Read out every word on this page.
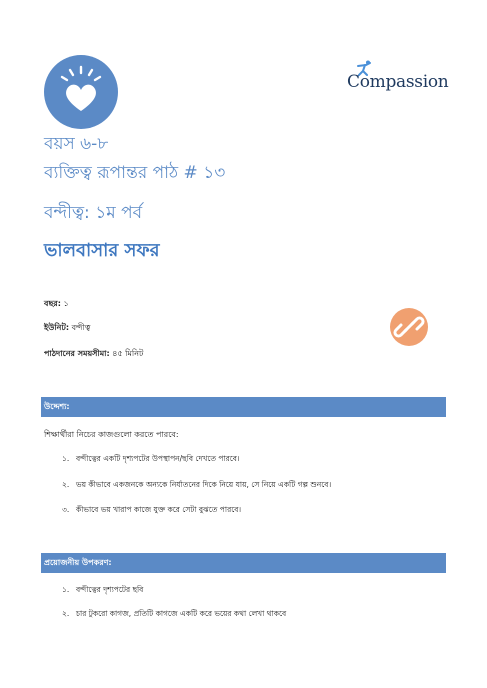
Compassion
বয়স ৬-৮
ব্যক্তিত্ব রূপান্তর পাঠ # ১৩
বন্দীত্ব: ১ম পর্ব
ভালবাসার সফর
বছর: ১
ইউনিট: বন্দীত্ব
পাঠদানের সময়সীমা: ৪৫ মিনিট
উদ্দেশ্য:
শিক্ষার্থীরা নিচের কাজগুলো করতে পারবে:
১. বন্দীত্বের একটি দৃশ্যপটের উপস্থাপন/ছবি দেখতে পারবে।
২. ভয় কীভাবে একজনকে অন্যকে নির্যাতনের দিকে নিয়ে যায়, সে নিয়ে একটি গল্প শুনবে।
৩. কীভাবে ভয় খারাপ কাজে যুক্ত করে সেটা বুঝতে পারবে।
প্রয়োজনীয় উপকরণ:
১. বন্দীত্বের দৃশ্যপটের ছবি
২. চার টুকরো কাগজ, প্রতিটি কাগজে একটি করে ভয়ের কথা লেখা থাকবে
